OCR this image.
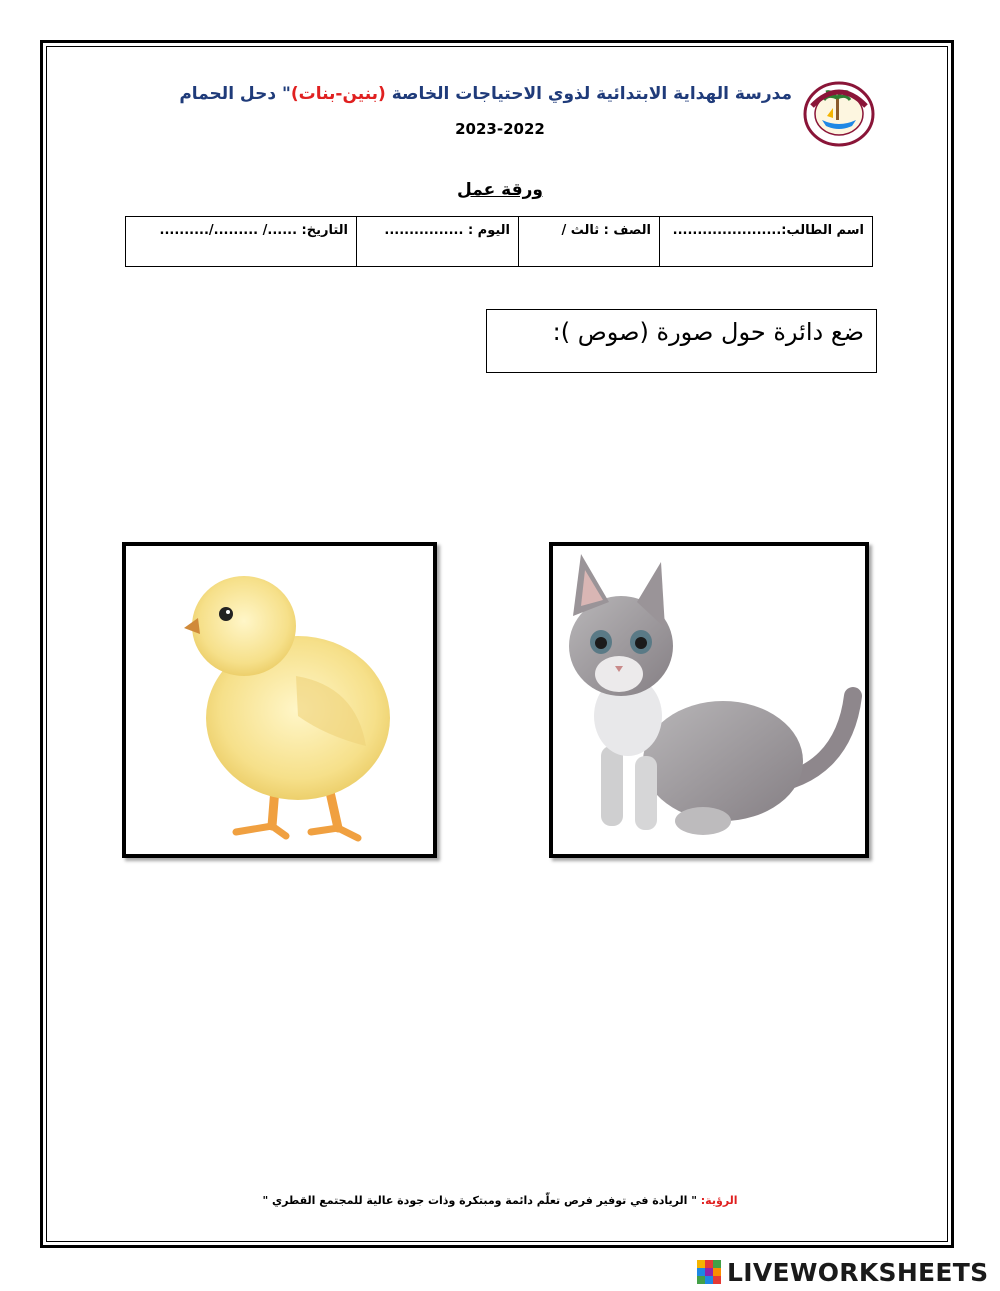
مدرسة الهداية الابتدائية لذوي الاحتياجات الخاصة (بنين-بنات)" دحل الحمام
2023-2022
ورقة عمل
اسم الطالب:......................	الصف : ثالث /	اليوم : ................	التاريخ: ....../ ........./..........
ضع دائرة حول صورة (صوص ):
الرؤية: " الريادة في توفير فرص تعلّم دائمة ومبتكرة وذات جودة عالية للمجتمع القطري "
LIVEWORKSHEETS
